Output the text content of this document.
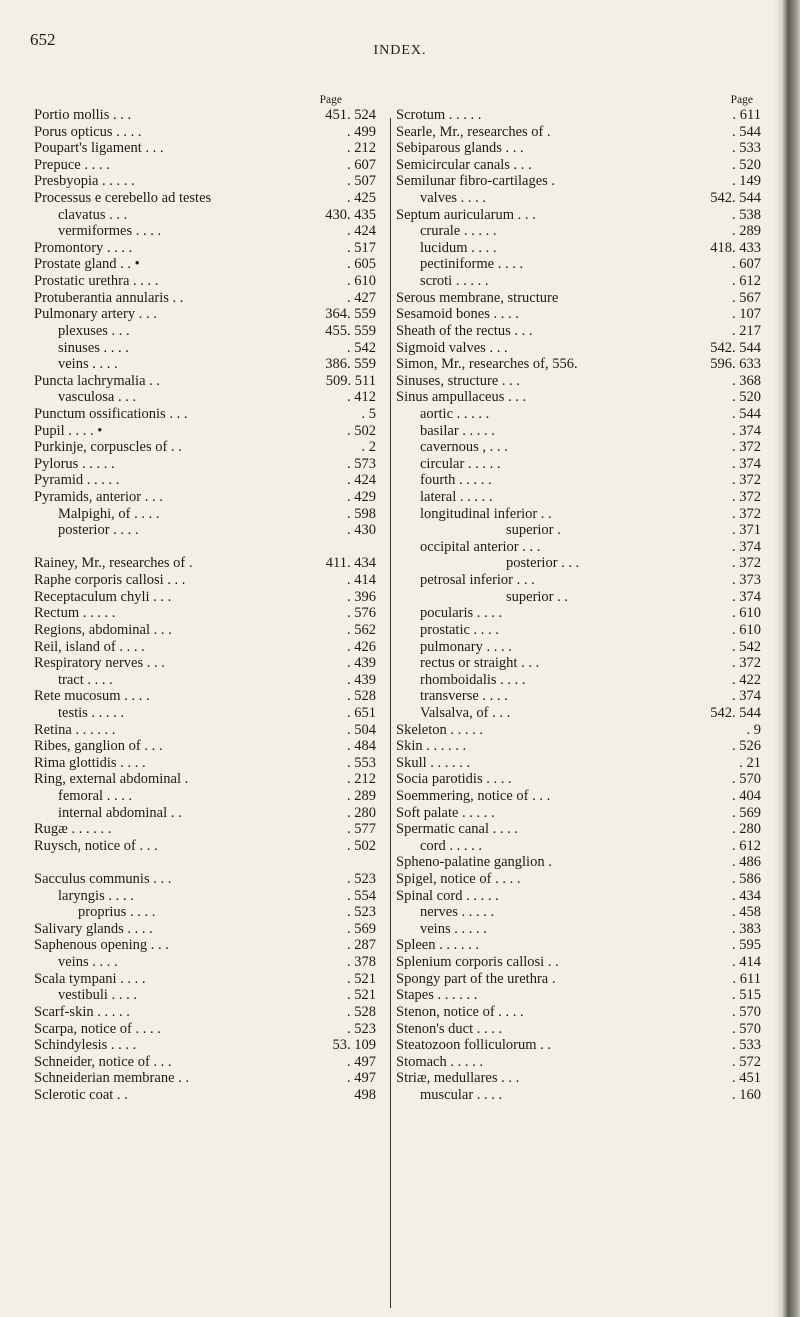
652
INDEX.
Page
Portio mollis . . .	451. 524
Porus opticus . . . .	. 499
Poupart's ligament . . .	. 212
Prepuce . . . .	. 607
Presbyopia . . . . .	. 507
Processus e cerebello ad testes	. 425
clavatus . . .	430. 435
vermiformes . . . .	. 424
Promontory . . . .	. 517
Prostate gland . . •	. 605
Prostatic urethra . . . .	. 610
Protuberantia annularis . .	. 427
Pulmonary artery . . .	364. 559
plexuses . . .	455. 559
sinuses . . . .	. 542
veins . . . .	386. 559
Puncta lachrymalia . .	509. 511
vasculosa . . .	. 412
Punctum ossificationis . . .	. 5
Pupil . . . . •	. 502
Purkinje, corpuscles of . .	. 2
Pylorus . . . . .	. 573
Pyramid . . . . .	. 424
Pyramids, anterior . . .	. 429
Malpighi, of . . . .	. 598
posterior . . . .	. 430
Rainey, Mr., researches of .	411. 434
Raphe corporis callosi . . .	. 414
Receptaculum chyli . . .	. 396
Rectum . . . . .	. 576
Regions, abdominal . . .	. 562
Reil, island of . . . .	. 426
Respiratory nerves . . .	. 439
tract . . . .	. 439
Rete mucosum . . . .	. 528
testis . . . . .	. 651
Retina . . . . . .	. 504
Ribes, ganglion of . . .	. 484
Rima glottidis . . . .	. 553
Ring, external abdominal .	. 212
femoral . . . .	. 289
internal abdominal . .	. 280
Rugæ . . . . . .	. 577
Ruysch, notice of . . .	. 502
Sacculus communis . . .	. 523
laryngis . . . .	. 554
proprius . . . .	. 523
Salivary glands . . . .	. 569
Saphenous opening . . .	. 287
veins . . . .	. 378
Scala tympani . . . .	. 521
vestibuli . . . .	. 521
Scarf-skin . . . . .	. 528
Scarpa, notice of . . . .	. 523
Schindylesis . . . .	53. 109
Schneider, notice of . . .	. 497
Schneiderian membrane . .	. 497
Sclerotic coat . .	498
Page
Scrotum . . . . .	. 611
Searle, Mr., researches of .	. 544
Sebiparous glands . . .	. 533
Semicircular canals . . .	. 520
Semilunar fibro-cartilages .	. 149
valves . . . .	542. 544
Septum auricularum . . .	. 538
crurale . . . . .	. 289
lucidum . . . .	418. 433
pectiniforme . . . .	. 607
scroti . . . . .	. 612
Serous membrane, structure	. 567
Sesamoid bones . . . .	. 107
Sheath of the rectus . . .	. 217
Sigmoid valves . . .	542. 544
Simon, Mr., researches of, 556.	596. 633
Sinuses, structure . . .	. 368
Sinus ampullaceus . . .	. 520
aortic . . . . .	. 544
basilar . . . . .	. 374
cavernous , . . .	. 372
circular . . . . .	. 374
fourth . . . . .	. 372
lateral . . . . .	. 372
longitudinal inferior . .	. 372
superior .	. 371
occipital anterior . . .	. 374
posterior . . .	. 372
petrosal inferior . . .	. 373
superior . .	. 374
pocularis . . . .	. 610
prostatic . . . .	. 610
pulmonary . . . .	. 542
rectus or straight . . .	. 372
rhomboidalis . . . .	. 422
transverse . . . .	. 374
Valsalva, of . . .	542. 544
Skeleton . . . . .	. 9
Skin . . . . . .	. 526
Skull . . . . . .	. 21
Socia parotidis . . . .	. 570
Soemmering, notice of . . .	. 404
Soft palate . . . . .	. 569
Spermatic canal . . . .	. 280
cord . . . . .	. 612
Spheno-palatine ganglion .	. 486
Spigel, notice of . . . .	. 586
Spinal cord . . . . .	. 434
nerves . . . . .	. 458
veins . . . . .	. 383
Spleen . . . . . .	. 595
Splenium corporis callosi . .	. 414
Spongy part of the urethra .	. 611
Stapes . . . . . .	. 515
Stenon, notice of . . . .	. 570
Stenon's duct . . . .	. 570
Steatozoon folliculorum . .	. 533
Stomach . . . . .	. 572
Striæ, medullares . . .	. 451
muscular . . . .	. 160
